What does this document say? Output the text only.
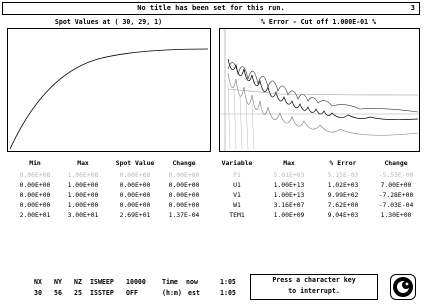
No title has been set for this run.	3
Spot Values at ( 30, 29, 1)	% Error - Cut off 1.000E-01 %
Min	Max	Spot Value	Change	Variable	Max	% Error	Change
0.00E+00	1.00E+00	0.00E+00	0.00E+00	P1	5.01E+03	5.15E-03	-5.53E-00
0.00E+00	1.00E+00	0.00E+00	0.00E+00	U1	1.00E+13	1.02E+03	7.00E+00
0.00E+00	1.00E+00	0.00E+00	0.00E+00	V1	1.00E+13	9.99E+02	-7.28E+00
0.00E+00	1.00E+00	0.00E+00	0.00E+00	W1	3.16E+07	7.62E+00	-7.03E-04
2.00E+01	3.00E+01	2.69E+01	1.37E-04	TEM1	1.00E+09	9.04E+03	1.30E+00
NX NY NZ ISWEEP 10000 Time now	1:05
30 56 25 ISSTEP OFF	(h:m) est	1:05
Press a character key
to interrupt.
